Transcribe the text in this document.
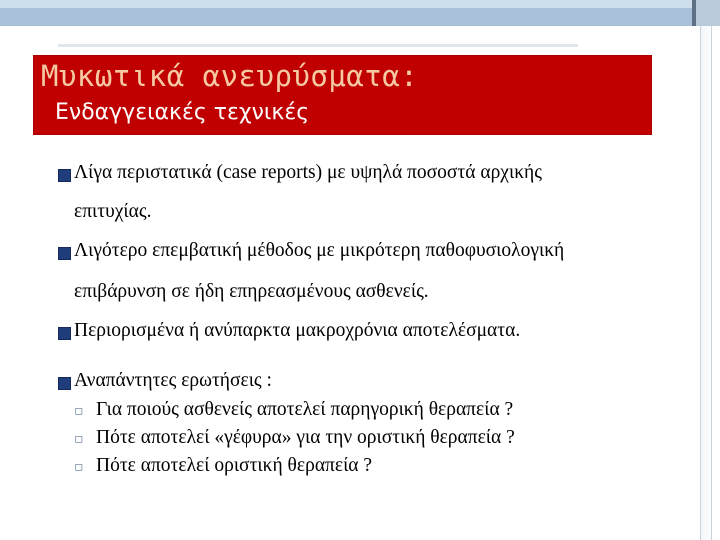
Μυκωτικά ανευρύσματα:
Ενδαγγειακές τεχνικές
Λίγα περιστατικά (case reports) με υψηλά ποσοστά αρχικής
επιτυχίας.
Λιγότερο επεμβατική μέθοδος με μικρότερη παθοφυσιολογική
επιβάρυνση σε ήδη επηρεασμένους ασθενείς.
Περιορισμένα ή ανύπαρκτα μακροχρόνια αποτελέσματα.
Αναπάντητες ερωτήσεις :
▫ Για ποιούς ασθενείς αποτελεί παρηγορική θεραπεία ?
▫ Πότε αποτελεί «γέφυρα» για την οριστική θεραπεία ?
▫ Πότε αποτελεί οριστική θεραπεία ?
